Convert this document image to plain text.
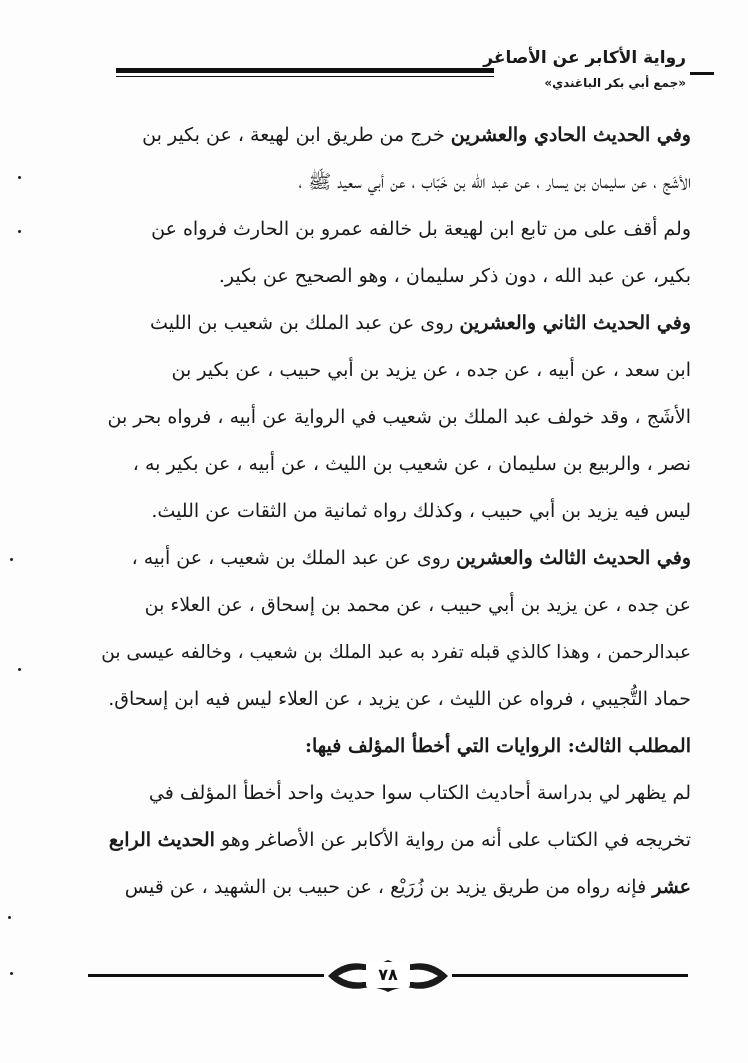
رواية الأكابر عن الأصاغر
«جمع أبي بكر الباغندي»
وفي الحديث الحادي والعشرين خرج من طريق ابن لهيعة ، عن بكير بن
الأشَج ، عن سليمان بن يسار ، عن عبد الله بن خَبّاب ، عن أبي سعيد ﷺ ،
ولم أقف على من تابع ابن لهيعة بل خالفه عمرو بن الحارث فرواه عن
بكير، عن عبد الله ، دون ذكر سليمان ، وهو الصحيح عن بكير.
وفي الحديث الثاني والعشرين روى عن عبد الملك بن شعيب بن الليث
ابن سعد ، عن أبيه ، عن جده ، عن يزيد بن أبي حبيب ، عن بكير بن
الأشَج ، وقد خولف عبد الملك بن شعيب في الرواية عن أبيه ، فرواه بحر بن
نصر ، والربيع بن سليمان ، عن شعيب بن الليث ، عن أبيه ، عن بكير به ،
ليس فيه يزيد بن أبي حبيب ، وكذلك رواه ثمانية من الثقات عن الليث.
وفي الحديث الثالث والعشرين روى عن عبد الملك بن شعيب ، عن أبيه ،
عن جده ، عن يزيد بن أبي حبيب ، عن محمد بن إسحاق ، عن العلاء بن
عبدالرحمن ، وهذا كالذي قبله تفرد به عبد الملك بن شعيب ، وخالفه عيسى بن
حماد التُّجيبي ، فرواه عن الليث ، عن يزيد ، عن العلاء ليس فيه ابن إسحاق.
المطلب الثالث: الروايات التي أخطأ المؤلف فيها:
لم يظهر لي بدراسة أحاديث الكتاب سوا حديث واحد أخطأ المؤلف في
تخريجه في الكتاب على أنه من رواية الأكابر عن الأصاغر وهو الحديث الرابع
عشر فإنه رواه من طريق يزيد بن زُرَيْع ، عن حبيب بن الشهيد ، عن قيس
٧٨
